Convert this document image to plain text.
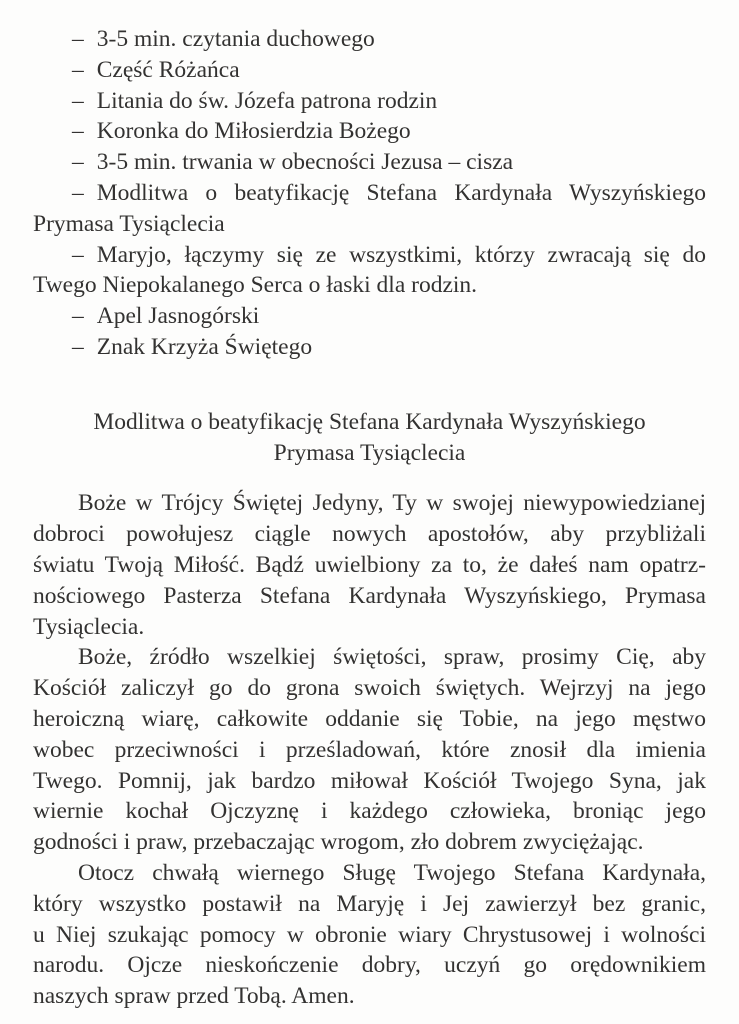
– 3-5 min. czytania duchowego
– Część Różańca
– Litania do św. Józefa patrona rodzin
– Koronka do Miłosierdzia Bożego
– 3-5 min. trwania w obecności Jezusa – cisza
– Modlitwa o beatyfikację Stefana Kardynała Wyszyńskiego
Prymasa Tysiąclecia
– Maryjo, łączymy się ze wszystkimi, którzy zwracają się do
Twego Niepokalanego Serca o łaski dla rodzin.
– Apel Jasnogórski
– Znak Krzyża Świętego
Modlitwa o beatyfikację Stefana Kardynała Wyszyńskiego
Prymasa Tysiąclecia
Boże w Trójcy Świętej Jedyny, Ty w swojej niewypowiedzianej
dobroci powołujesz ciągle nowych apostołów, aby przybliżali
światu Twoją Miłość. Bądź uwielbiony za to, że dałeś nam opatrz-
nościowego Pasterza Stefana Kardynała Wyszyńskiego, Prymasa
Tysiąclecia.
Boże, źródło wszelkiej świętości, spraw, prosimy Cię, aby
Kościół zaliczył go do grona swoich świętych. Wejrzyj na jego
heroiczną wiarę, całkowite oddanie się Tobie, na jego męstwo
wobec przeciwności i prześladowań, które znosił dla imienia
Twego. Pomnij, jak bardzo miłował Kościół Twojego Syna, jak
wiernie kochał Ojczyznę i każdego człowieka, broniąc jego
godności i praw, przebaczając wrogom, zło dobrem zwyciężając.
Otocz chwałą wiernego Sługę Twojego Stefana Kardynała,
który wszystko postawił na Maryję i Jej zawierzył bez granic,
u Niej szukając pomocy w obronie wiary Chrystusowej i wolności
narodu. Ojcze nieskończenie dobry, uczyń go orędownikiem
naszych spraw przed Tobą. Amen.
